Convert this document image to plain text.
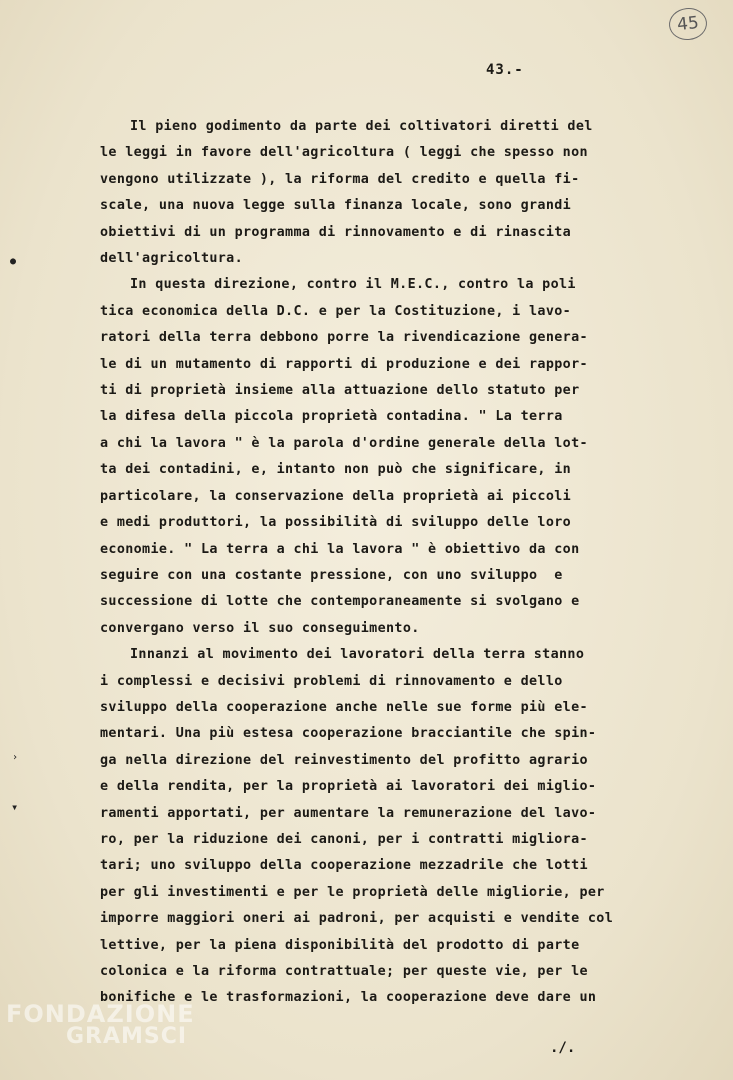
45
43.-
●
›
▾
Il pieno godimento da parte dei coltivatori diretti del
le leggi in favore dell'agricoltura ( leggi che spesso non
vengono utilizzate ), la riforma del credito e quella fi-
scale, una nuova legge sulla finanza locale, sono grandi
obiettivi di un programma di rinnovamento e di rinascita
dell'agricoltura.
In questa direzione, contro il M.E.C., contro la poli
tica economica della D.C. e per la Costituzione, i lavo-
ratori della terra debbono porre la rivendicazione genera-
le di un mutamento di rapporti di produzione e dei rappor-
ti di proprietà insieme alla attuazione dello statuto per
la difesa della piccola proprietà contadina. " La terra
a chi la lavora " è la parola d'ordine generale della lot-
ta dei contadini, e, intanto non può che significare, in
particolare, la conservazione della proprietà ai piccoli
e medi produttori, la possibilità di sviluppo delle loro
economie. " La terra a chi la lavora " è obiettivo da con
seguire con una costante pressione, con uno sviluppo  e
successione di lotte che contemporaneamente si svolgano e
convergano verso il suo conseguimento.
Innanzi al movimento dei lavoratori della terra stanno
i complessi e decisivi problemi di rinnovamento e dello
sviluppo della cooperazione anche nelle sue forme più ele-
mentari. Una più estesa cooperazione bracciantile che spin-
ga nella direzione del reinvestimento del profitto agrario
e della rendita, per la proprietà ai lavoratori dei miglio-
ramenti apportati, per aumentare la remunerazione del lavo-
ro, per la riduzione dei canoni, per i contratti migliora-
tari; uno sviluppo della cooperazione mezzadrile che lotti
per gli investimenti e per le proprietà delle migliorie, per
imporre maggiori oneri ai padroni, per acquisti e vendite col
lettive, per la piena disponibilità del prodotto di parte
colonica e la riforma contrattuale; per queste vie, per le
bonifiche e le trasformazioni, la cooperazione deve dare un
./.
FONDAZIONE
GRAMSCI
